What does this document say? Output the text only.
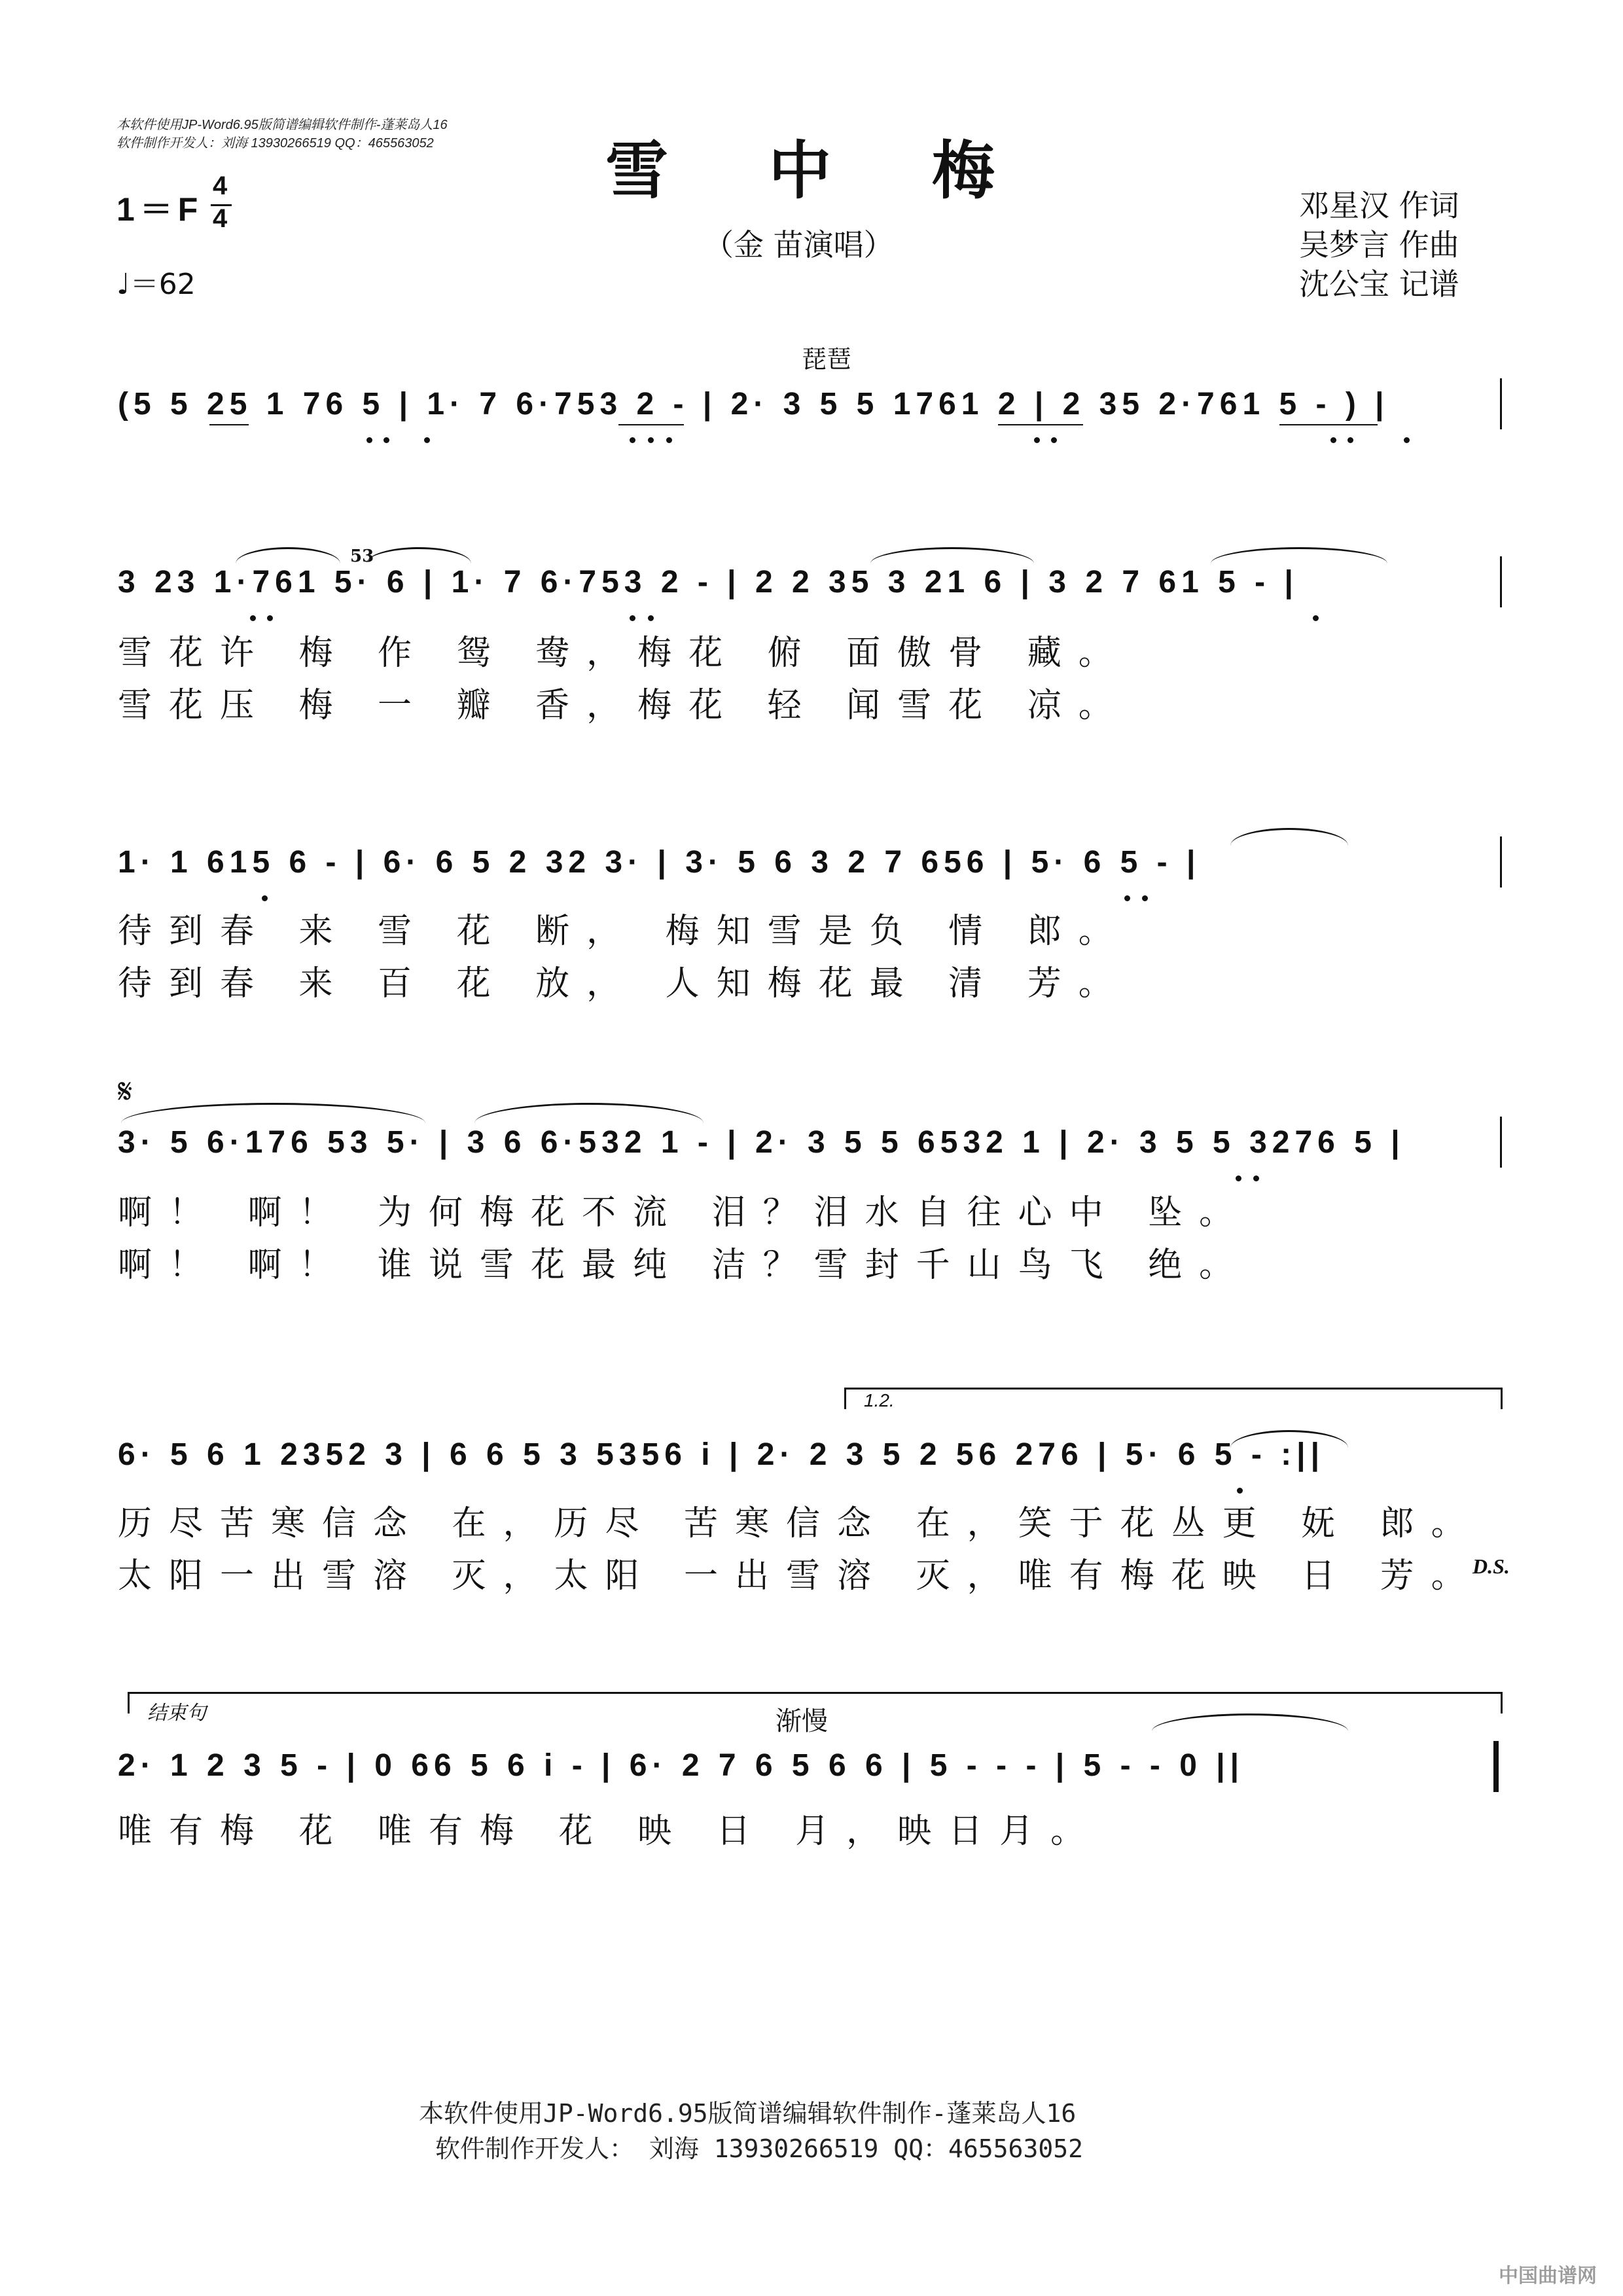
本软件使用JP-Word6.95版简谱编辑软件制作-蓬莱岛人16
软件制作开发人：刘海 13930266519 QQ：465563052	雪 中 梅
1＝F
4
4
♩＝62
（金 苗演唱）
邓星汉 作词
吴梦言 作曲
沈公宝 记谱
琵琶
(5 5 25 1 76 5 | 1· 7 6·753 2 - | 2· 3 5 5 1761 2 | 2 35 2·761 5 - ) |
53
3 23 1·761 5· 6 | 1· 7 6·753 2 - | 2 2 35 3 21 6 | 3 2 7 61 5 - |
雪花许 梅 作 鸳 鸯，梅花 俯 面傲骨 藏。
雪花压 梅 一 瓣 香，梅花 轻 闻雪花 凉。
1· 1 615 6 - | 6· 6 5 2 32 3· | 3· 5 6 3 2 7 656 | 5· 6 5 - |
待到春 来 雪 花 断， 梅知雪是负 情 郎。
待到春 来 百 花 放， 人知梅花最 清 芳。
𝄋
3· 5 6·176 53 5· | 3 6 6·532 1 - | 2· 3 5 5 6532 1 | 2· 3 5 5 3276 5 |
啊！ 啊！ 为何梅花不流 泪？泪水自往心中 坠。
啊！ 啊！ 谁说雪花最纯 洁？雪封千山鸟飞 绝。
1.2.
6· 5 6 1 2352 3 | 6 6 5 3 5356 i | 2· 2 3 5 2 56 276 | 5· 6 5 - :||
历尽苦寒信念 在，历尽 苦寒信念 在，笑于花丛更 妩 郎。
太阳一出雪溶 灭，太阳 一出雪溶 灭，唯有梅花映 日 芳。
D.S.
结束句	渐慢
2· 1 2 3 5 - | 0 66 5 6 i - | 6· 2 7 6 5 6 6 | 5 - - - | 5 - - 0 ||
唯有梅 花 唯有梅 花 映 日 月，映日月。
本软件使用JP-Word6.95版简谱编辑软件制作-蓬莱岛人16
软件制作开发人： 刘海 13930266519 QQ：465563052
中国曲谱网
